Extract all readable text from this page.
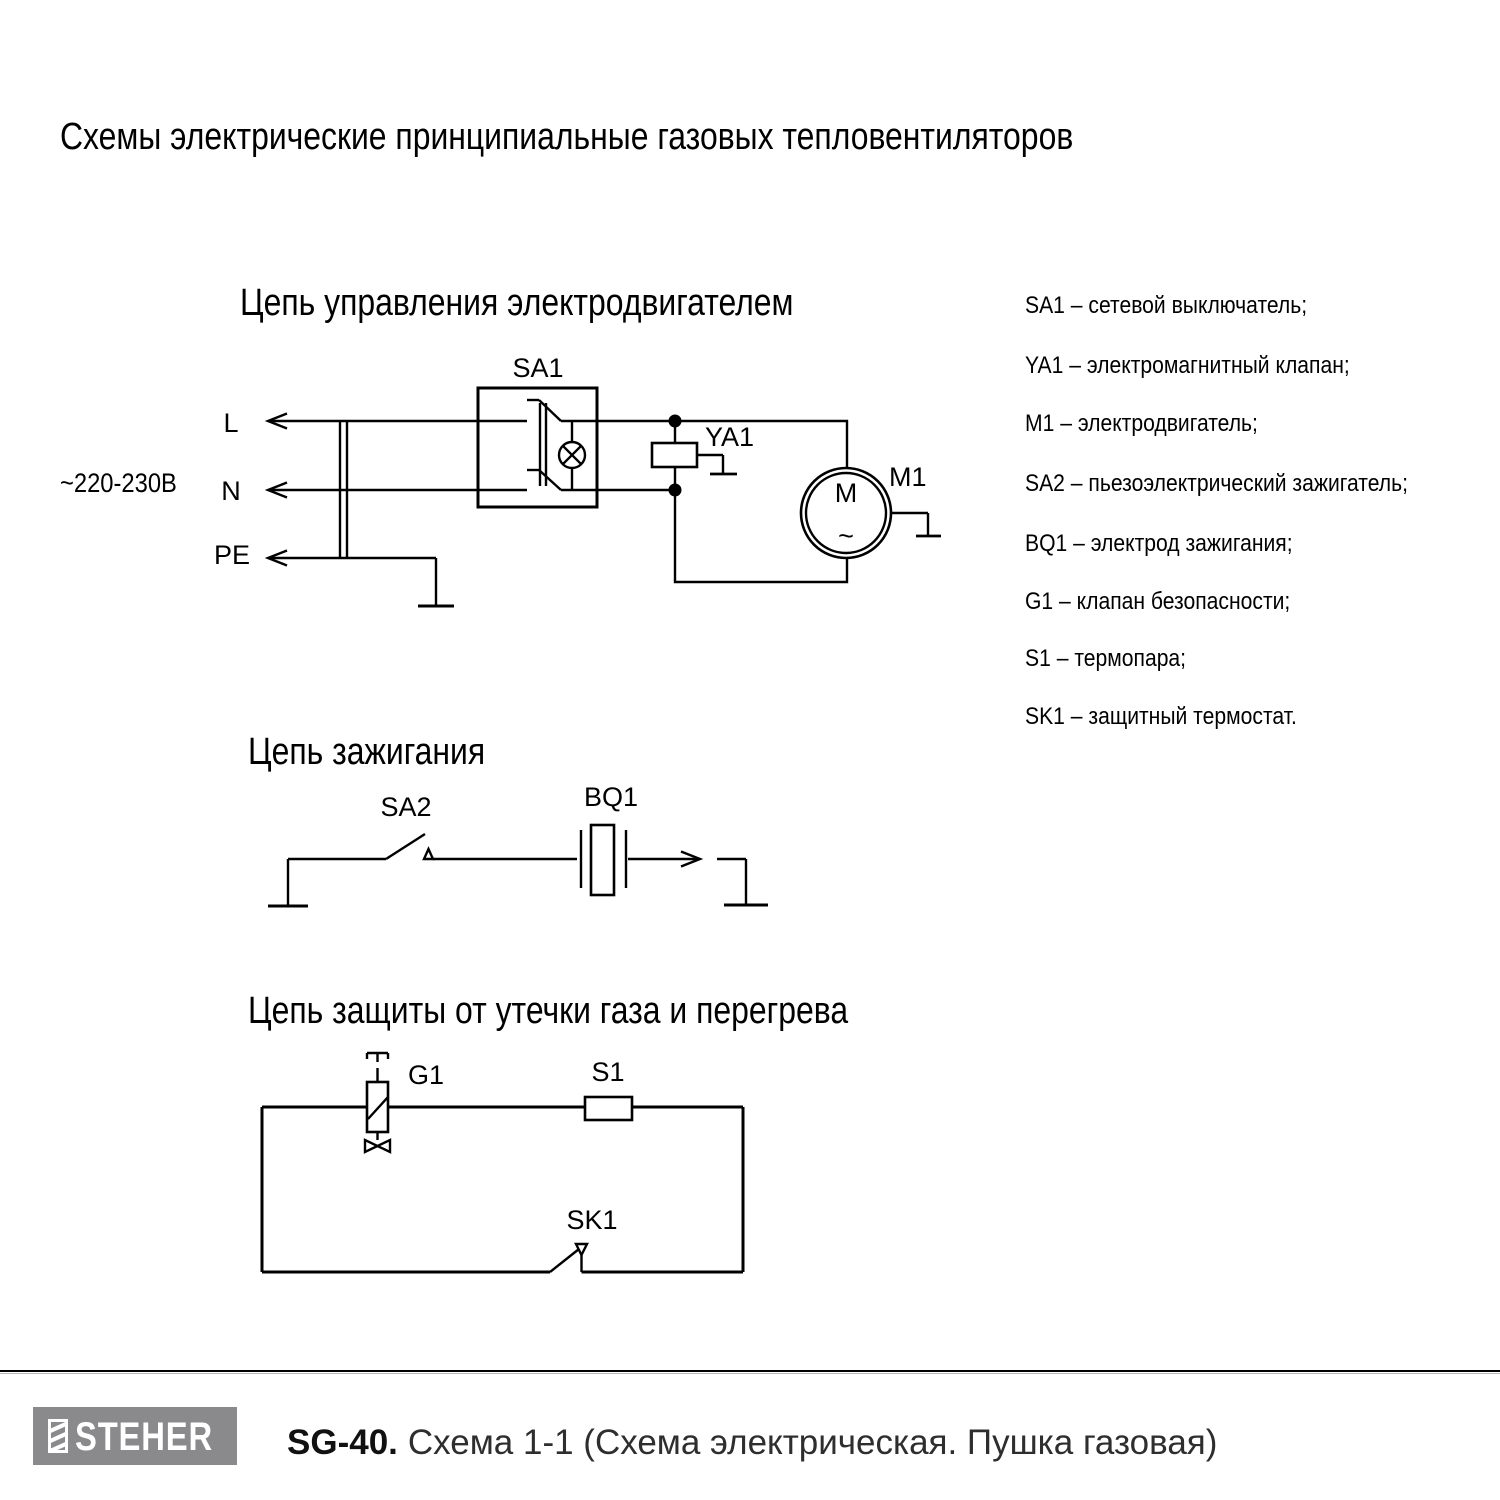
Схемы электрические принципиальные газовых тепловентиляторов
Цепь управления электродвигателем
Цепь зажигания
Цепь защиты от утечки газа и перегрева
SA1 – сетевой выключатель;
YA1 – электромагнитный клапан;
M1 – электродвигатель;
SA2 – пьезоэлектрический зажигатель;
BQ1 – электрод зажигания;
G1 – клапан безопасности;
S1 – термопара;
SK1 – защитный термостат.
~220-230В
L
N
PE
SA1
YA1
M
~
M1
SA2	BQ1
G1	S1
SK1
STEHER SG-40. Схема 1-1 (Схема электрическая. Пушка газовая)
